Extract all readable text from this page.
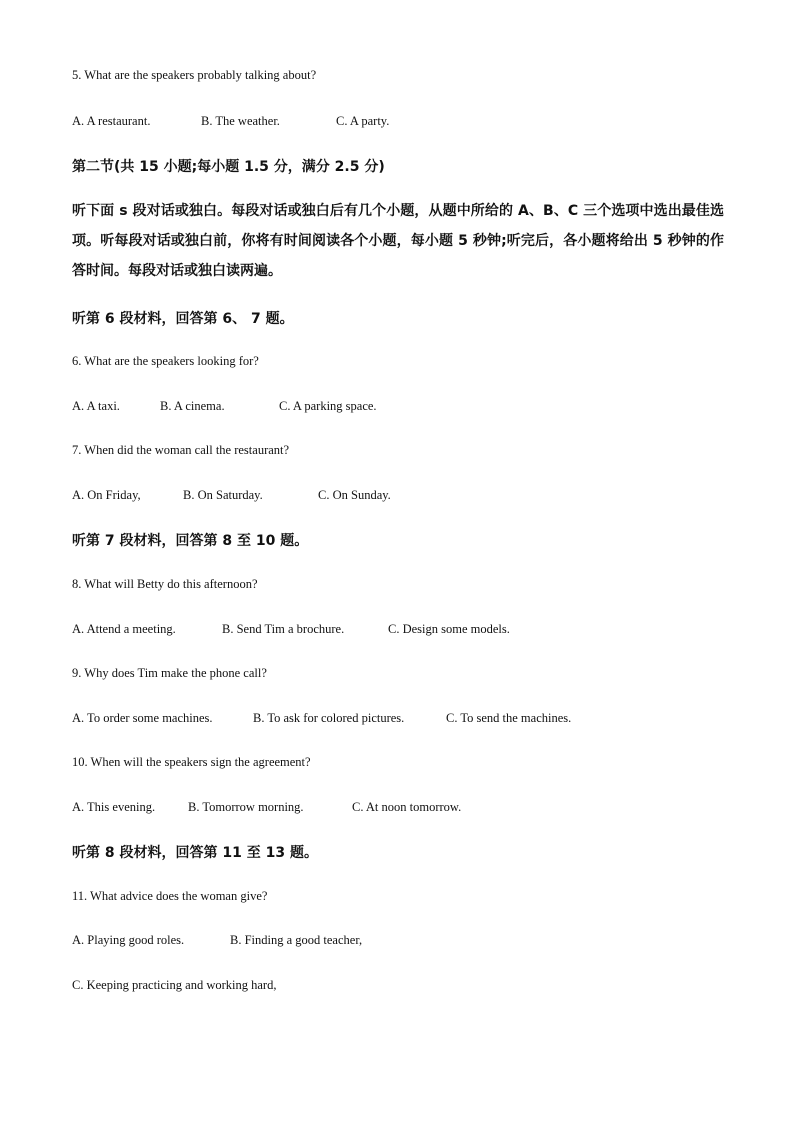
5. What are the speakers probably talking about?
A. A restaurant.	B. The weather.	C. A party.
第二节(共 15 小题;每小题 1.5 分，满分 2.5 分)
听下面 s 段对话或独白。每段对话或独白后有几个小题，从题中所给的 A、B、C 三个选项中选出最佳选项。听每段对话或独白前，你将有时间阅读各个小题，每小题 5 秒钟;听完后，各小题将给出 5 秒钟的作答时间。每段对话或独白读两遍。
听第 6 段材料，回答第 6、 7 题。
6. What are the speakers looking for?
A. A taxi.	B. A cinema.	C. A parking space.
7. When did the woman call the restaurant?
A. On Friday,	B. On Saturday.	C. On Sunday.
听第 7 段材料，回答第 8 至 10 题。
8. What will Betty do this afternoon?
A. Attend a meeting.	B. Send Tim a brochure.	C. Design some models.
9. Why does Tim make the phone call?
A. To order some machines.	B. To ask for colored pictures.	C. To send the machines.
10. When will the speakers sign the agreement?
A. This evening.	B. Tomorrow morning.	C. At noon tomorrow.
听第 8 段材料，回答第 11 至 13 题。
11. What advice does the woman give?
A. Playing good roles.	B. Finding a good teacher,
C. Keeping practicing and working hard,
